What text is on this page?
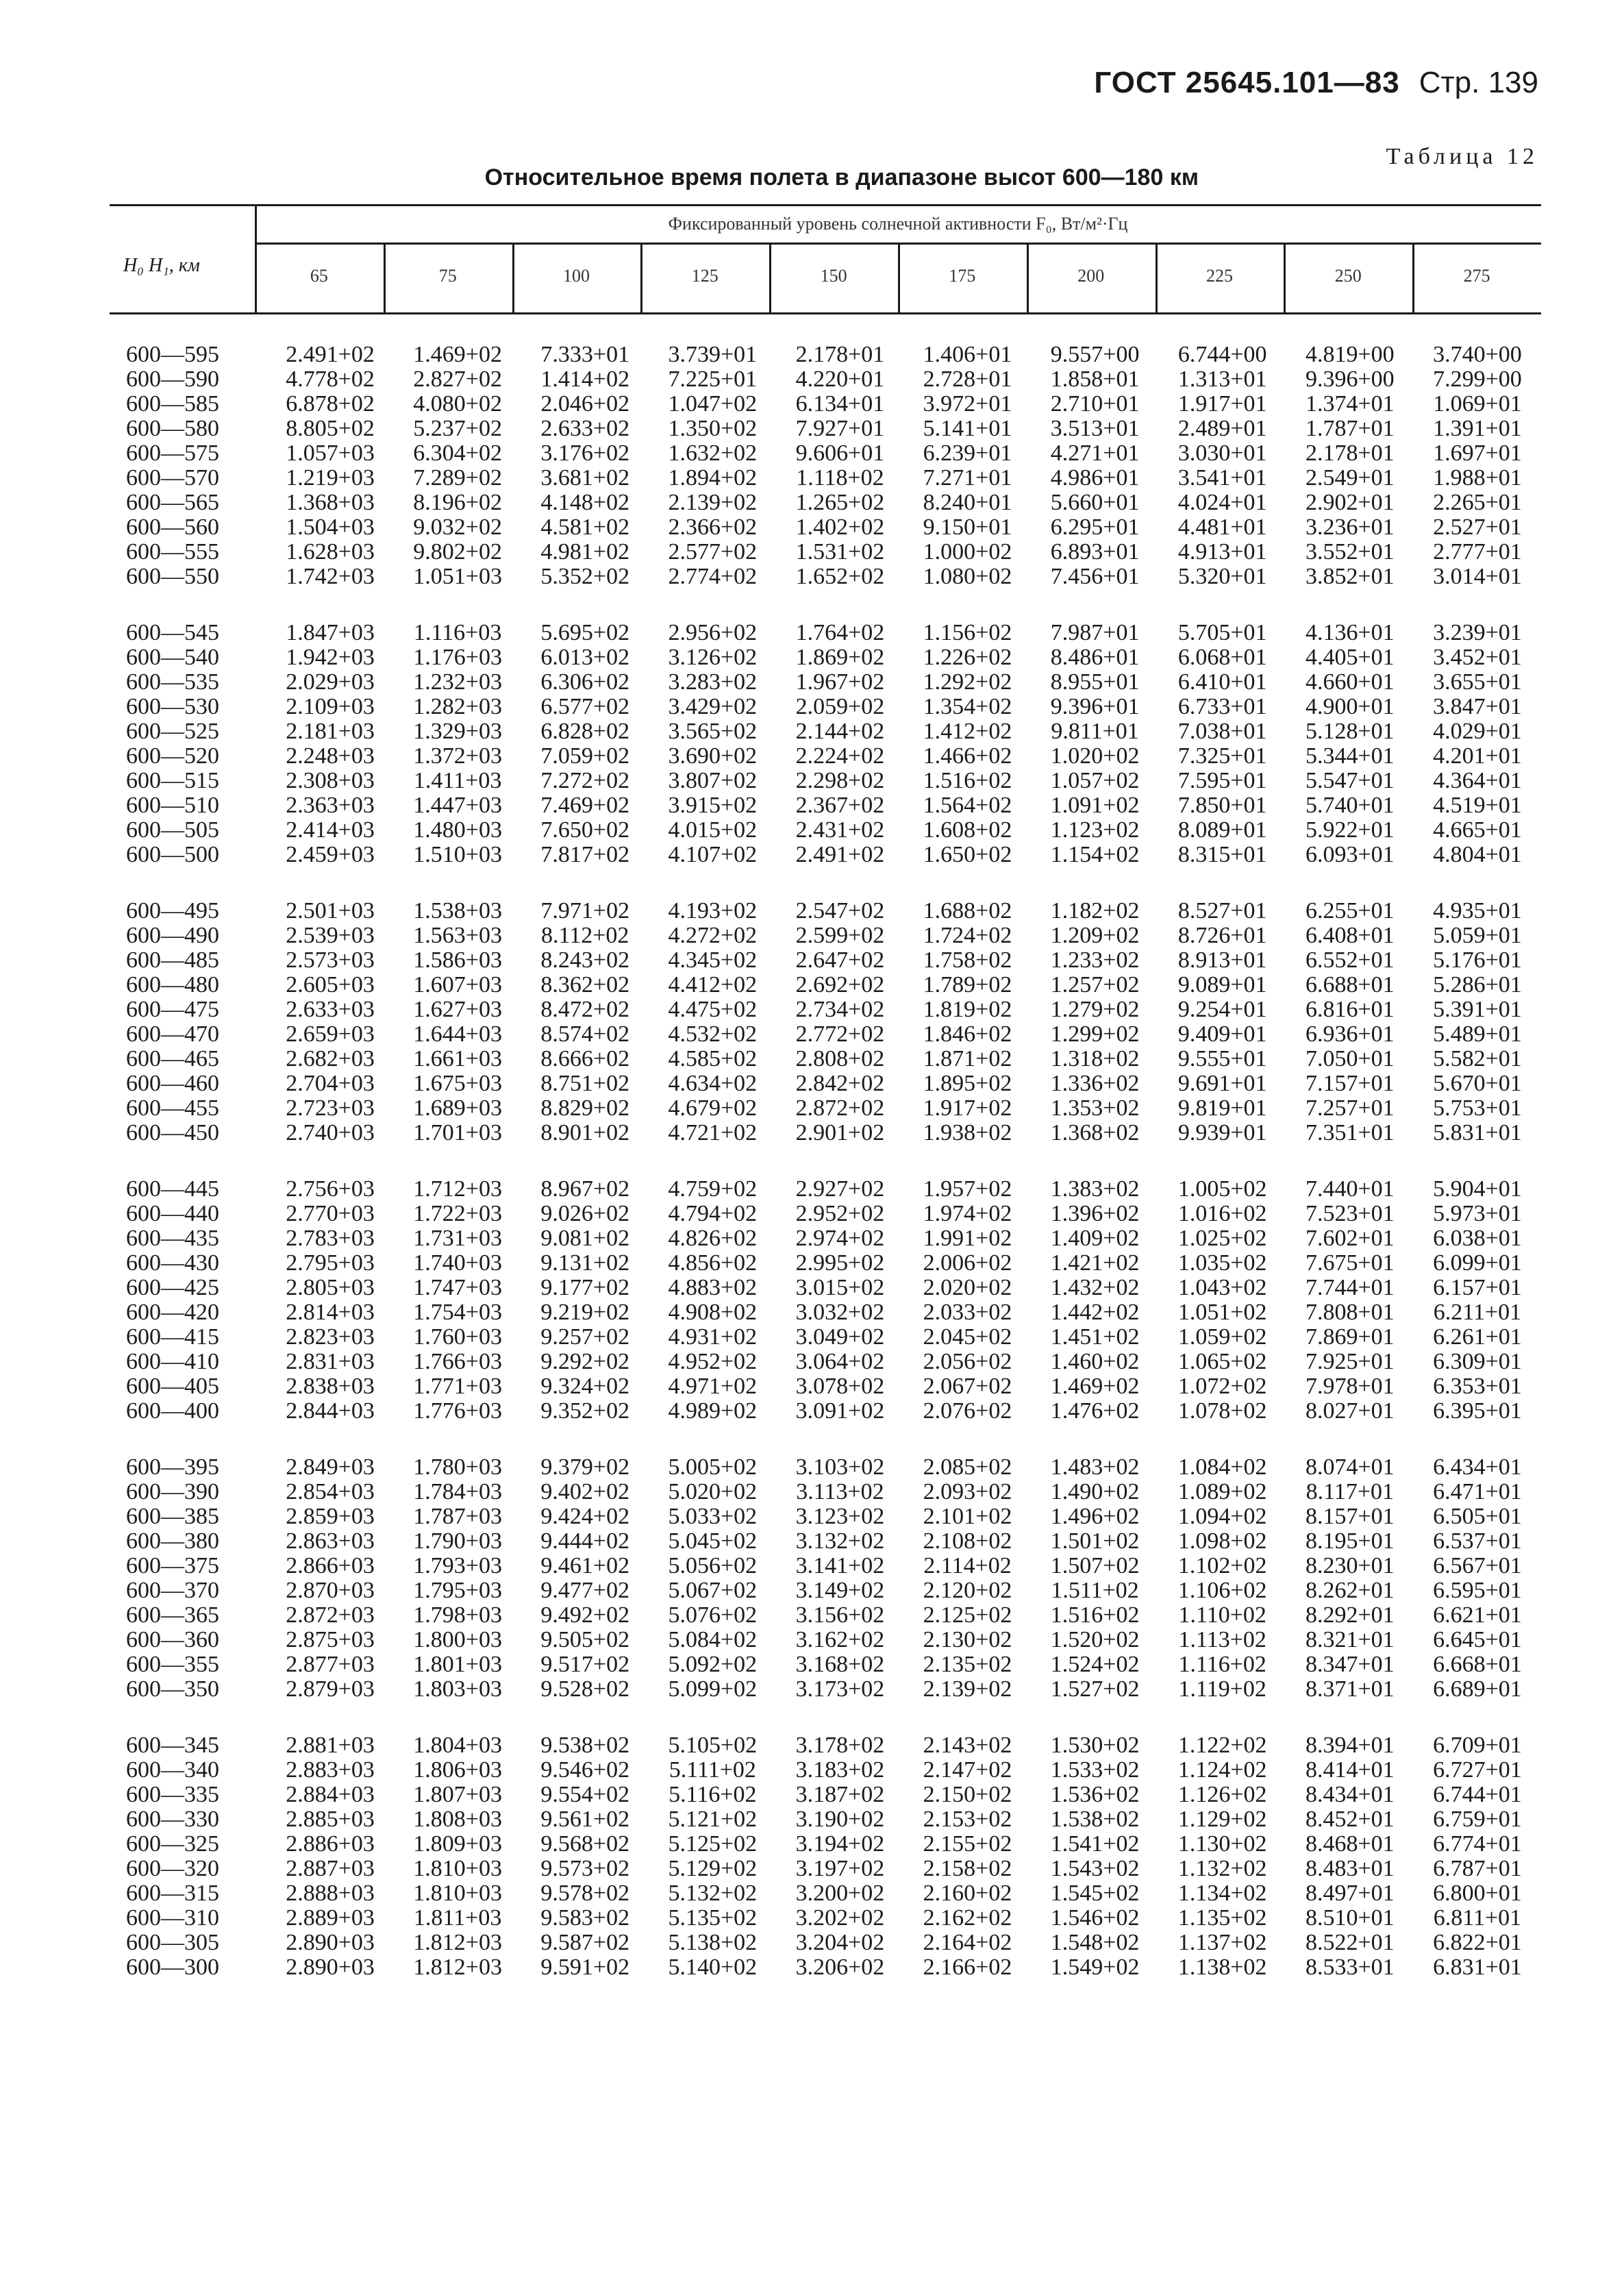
ГОСТ 25645.101—83 Стр. 139
Таблица 12
Относительное время полета в диапазоне высот 600—180 км
Фиксированный уровень солнечной активности F₀, Вт/м²·Гц
H₀ H₁, км	65	75	100	125	150	175	200	225	250	275
600—595	2.491+02	1.469+02	7.333+01	3.739+01	2.178+01	1.406+01	9.557+00	6.744+00	4.819+00	3.740+00
600—590	4.778+02	2.827+02	1.414+02	7.225+01	4.220+01	2.728+01	1.858+01	1.313+01	9.396+00	7.299+00
600—585	6.878+02	4.080+02	2.046+02	1.047+02	6.134+01	3.972+01	2.710+01	1.917+01	1.374+01	1.069+01
600—580	8.805+02	5.237+02	2.633+02	1.350+02	7.927+01	5.141+01	3.513+01	2.489+01	1.787+01	1.391+01
600—575	1.057+03	6.304+02	3.176+02	1.632+02	9.606+01	6.239+01	4.271+01	3.030+01	2.178+01	1.697+01
600—570	1.219+03	7.289+02	3.681+02	1.894+02	1.118+02	7.271+01	4.986+01	3.541+01	2.549+01	1.988+01
600—565	1.368+03	8.196+02	4.148+02	2.139+02	1.265+02	8.240+01	5.660+01	4.024+01	2.902+01	2.265+01
600—560	1.504+03	9.032+02	4.581+02	2.366+02	1.402+02	9.150+01	6.295+01	4.481+01	3.236+01	2.527+01
600—555	1.628+03	9.802+02	4.981+02	2.577+02	1.531+02	1.000+02	6.893+01	4.913+01	3.552+01	2.777+01
600—550	1.742+03	1.051+03	5.352+02	2.774+02	1.652+02	1.080+02	7.456+01	5.320+01	3.852+01	3.014+01

600—545	1.847+03	1.116+03	5.695+02	2.956+02	1.764+02	1.156+02	7.987+01	5.705+01	4.136+01	3.239+01
600—540	1.942+03	1.176+03	6.013+02	3.126+02	1.869+02	1.226+02	8.486+01	6.068+01	4.405+01	3.452+01
600—535	2.029+03	1.232+03	6.306+02	3.283+02	1.967+02	1.292+02	8.955+01	6.410+01	4.660+01	3.655+01
600—530	2.109+03	1.282+03	6.577+02	3.429+02	2.059+02	1.354+02	9.396+01	6.733+01	4.900+01	3.847+01
600—525	2.181+03	1.329+03	6.828+02	3.565+02	2.144+02	1.412+02	9.811+01	7.038+01	5.128+01	4.029+01
600—520	2.248+03	1.372+03	7.059+02	3.690+02	2.224+02	1.466+02	1.020+02	7.325+01	5.344+01	4.201+01
600—515	2.308+03	1.411+03	7.272+02	3.807+02	2.298+02	1.516+02	1.057+02	7.595+01	5.547+01	4.364+01
600—510	2.363+03	1.447+03	7.469+02	3.915+02	2.367+02	1.564+02	1.091+02	7.850+01	5.740+01	4.519+01
600—505	2.414+03	1.480+03	7.650+02	4.015+02	2.431+02	1.608+02	1.123+02	8.089+01	5.922+01	4.665+01
600—500	2.459+03	1.510+03	7.817+02	4.107+02	2.491+02	1.650+02	1.154+02	8.315+01	6.093+01	4.804+01

600—495	2.501+03	1.538+03	7.971+02	4.193+02	2.547+02	1.688+02	1.182+02	8.527+01	6.255+01	4.935+01
600—490	2.539+03	1.563+03	8.112+02	4.272+02	2.599+02	1.724+02	1.209+02	8.726+01	6.408+01	5.059+01
600—485	2.573+03	1.586+03	8.243+02	4.345+02	2.647+02	1.758+02	1.233+02	8.913+01	6.552+01	5.176+01
600—480	2.605+03	1.607+03	8.362+02	4.412+02	2.692+02	1.789+02	1.257+02	9.089+01	6.688+01	5.286+01
600—475	2.633+03	1.627+03	8.472+02	4.475+02	2.734+02	1.819+02	1.279+02	9.254+01	6.816+01	5.391+01
600—470	2.659+03	1.644+03	8.574+02	4.532+02	2.772+02	1.846+02	1.299+02	9.409+01	6.936+01	5.489+01
600—465	2.682+03	1.661+03	8.666+02	4.585+02	2.808+02	1.871+02	1.318+02	9.555+01	7.050+01	5.582+01
600—460	2.704+03	1.675+03	8.751+02	4.634+02	2.842+02	1.895+02	1.336+02	9.691+01	7.157+01	5.670+01
600—455	2.723+03	1.689+03	8.829+02	4.679+02	2.872+02	1.917+02	1.353+02	9.819+01	7.257+01	5.753+01
600—450	2.740+03	1.701+03	8.901+02	4.721+02	2.901+02	1.938+02	1.368+02	9.939+01	7.351+01	5.831+01

600—445	2.756+03	1.712+03	8.967+02	4.759+02	2.927+02	1.957+02	1.383+02	1.005+02	7.440+01	5.904+01
600—440	2.770+03	1.722+03	9.026+02	4.794+02	2.952+02	1.974+02	1.396+02	1.016+02	7.523+01	5.973+01
600—435	2.783+03	1.731+03	9.081+02	4.826+02	2.974+02	1.991+02	1.409+02	1.025+02	7.602+01	6.038+01
600—430	2.795+03	1.740+03	9.131+02	4.856+02	2.995+02	2.006+02	1.421+02	1.035+02	7.675+01	6.099+01
600—425	2.805+03	1.747+03	9.177+02	4.883+02	3.015+02	2.020+02	1.432+02	1.043+02	7.744+01	6.157+01
600—420	2.814+03	1.754+03	9.219+02	4.908+02	3.032+02	2.033+02	1.442+02	1.051+02	7.808+01	6.211+01
600—415	2.823+03	1.760+03	9.257+02	4.931+02	3.049+02	2.045+02	1.451+02	1.059+02	7.869+01	6.261+01
600—410	2.831+03	1.766+03	9.292+02	4.952+02	3.064+02	2.056+02	1.460+02	1.065+02	7.925+01	6.309+01
600—405	2.838+03	1.771+03	9.324+02	4.971+02	3.078+02	2.067+02	1.469+02	1.072+02	7.978+01	6.353+01
600—400	2.844+03	1.776+03	9.352+02	4.989+02	3.091+02	2.076+02	1.476+02	1.078+02	8.027+01	6.395+01

600—395	2.849+03	1.780+03	9.379+02	5.005+02	3.103+02	2.085+02	1.483+02	1.084+02	8.074+01	6.434+01
600—390	2.854+03	1.784+03	9.402+02	5.020+02	3.113+02	2.093+02	1.490+02	1.089+02	8.117+01	6.471+01
600—385	2.859+03	1.787+03	9.424+02	5.033+02	3.123+02	2.101+02	1.496+02	1.094+02	8.157+01	6.505+01
600—380	2.863+03	1.790+03	9.444+02	5.045+02	3.132+02	2.108+02	1.501+02	1.098+02	8.195+01	6.537+01
600—375	2.866+03	1.793+03	9.461+02	5.056+02	3.141+02	2.114+02	1.507+02	1.102+02	8.230+01	6.567+01
600—370	2.870+03	1.795+03	9.477+02	5.067+02	3.149+02	2.120+02	1.511+02	1.106+02	8.262+01	6.595+01
600—365	2.872+03	1.798+03	9.492+02	5.076+02	3.156+02	2.125+02	1.516+02	1.110+02	8.292+01	6.621+01
600—360	2.875+03	1.800+03	9.505+02	5.084+02	3.162+02	2.130+02	1.520+02	1.113+02	8.321+01	6.645+01
600—355	2.877+03	1.801+03	9.517+02	5.092+02	3.168+02	2.135+02	1.524+02	1.116+02	8.347+01	6.668+01
600—350	2.879+03	1.803+03	9.528+02	5.099+02	3.173+02	2.139+02	1.527+02	1.119+02	8.371+01	6.689+01

600—345	2.881+03	1.804+03	9.538+02	5.105+02	3.178+02	2.143+02	1.530+02	1.122+02	8.394+01	6.709+01
600—340	2.883+03	1.806+03	9.546+02	5.111+02	3.183+02	2.147+02	1.533+02	1.124+02	8.414+01	6.727+01
600—335	2.884+03	1.807+03	9.554+02	5.116+02	3.187+02	2.150+02	1.536+02	1.126+02	8.434+01	6.744+01
600—330	2.885+03	1.808+03	9.561+02	5.121+02	3.190+02	2.153+02	1.538+02	1.129+02	8.452+01	6.759+01
600—325	2.886+03	1.809+03	9.568+02	5.125+02	3.194+02	2.155+02	1.541+02	1.130+02	8.468+01	6.774+01
600—320	2.887+03	1.810+03	9.573+02	5.129+02	3.197+02	2.158+02	1.543+02	1.132+02	8.483+01	6.787+01
600—315	2.888+03	1.810+03	9.578+02	5.132+02	3.200+02	2.160+02	1.545+02	1.134+02	8.497+01	6.800+01
600—310	2.889+03	1.811+03	9.583+02	5.135+02	3.202+02	2.162+02	1.546+02	1.135+02	8.510+01	6.811+01
600—305	2.890+03	1.812+03	9.587+02	5.138+02	3.204+02	2.164+02	1.548+02	1.137+02	8.522+01	6.822+01
600—300	2.890+03	1.812+03	9.591+02	5.140+02	3.206+02	2.166+02	1.549+02	1.138+02	8.533+01	6.831+01
